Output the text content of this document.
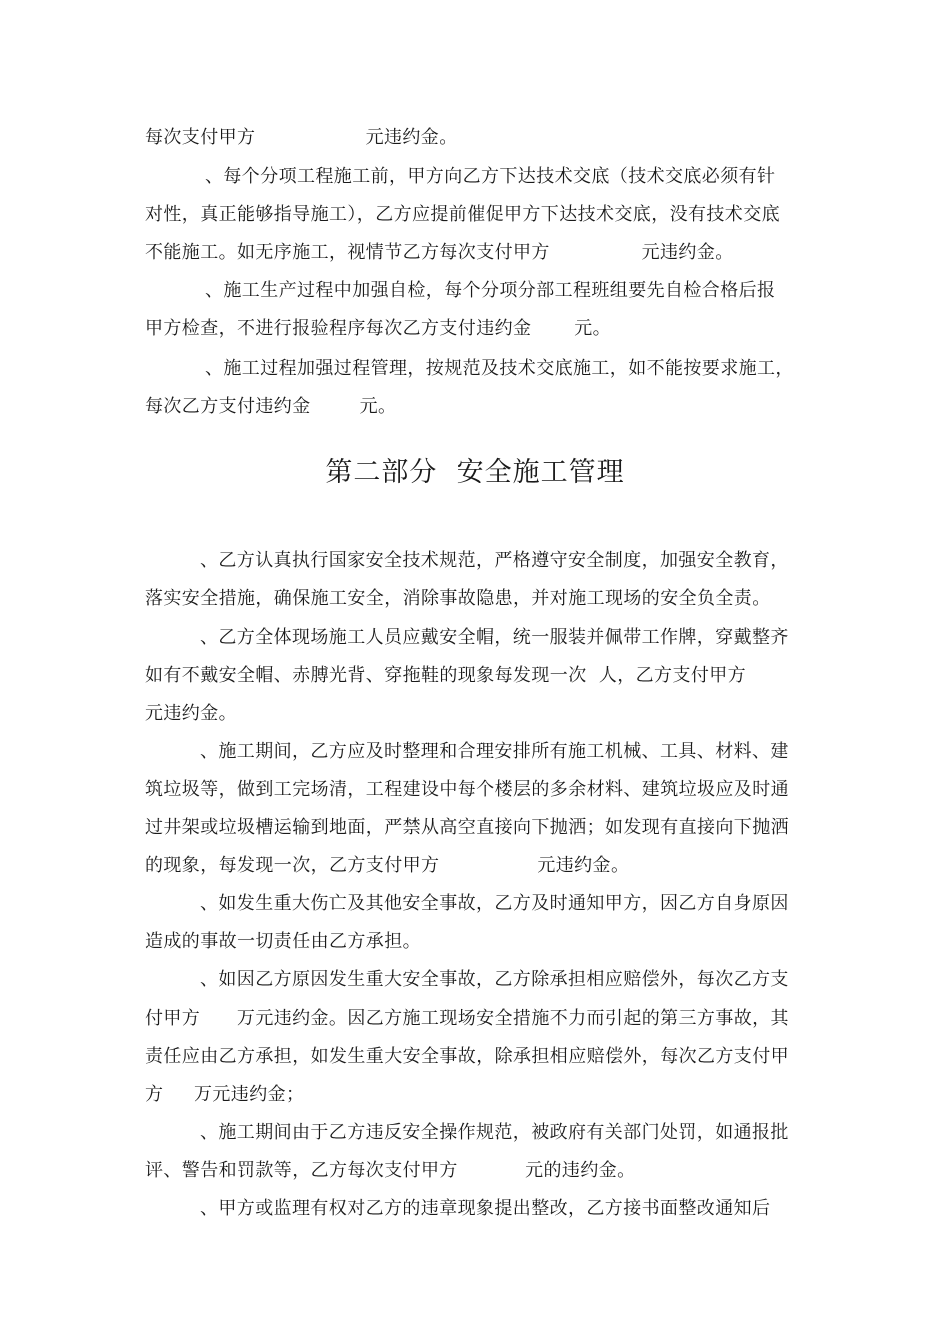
每次支付甲方                  元违约金。
、每个分项工程施工前，甲方向乙方下达技术交底（技术交底必须有针
对性，真正能够指导施工），乙方应提前催促甲方下达技术交底，没有技术交底
不能施工。如无序施工，视情节乙方每次支付甲方               元违约金。
、施工生产过程中加强自检，每个分项分部工程班组要先自检合格后报
甲方检查，不进行报验程序每次乙方支付违约金       元。
、施工过程加强过程管理，按规范及技术交底施工，如不能按要求施工，
每次乙方支付违约金        元。
第二部分  安全施工管理
、乙方认真执行国家安全技术规范，严格遵守安全制度，加强安全教育，
落实安全措施，确保施工安全，消除事故隐患，并对施工现场的安全负全责。
、乙方全体现场施工人员应戴安全帽，统一服装并佩带工作牌，穿戴整齐
如有不戴安全帽、赤膊光背、穿拖鞋的现象每发现一次  人，乙方支付甲方
元违约金。
、施工期间，乙方应及时整理和合理安排所有施工机械、工具、材料、建
筑垃圾等，做到工完场清，工程建设中每个楼层的多余材料、建筑垃圾应及时通
过井架或垃圾槽运输到地面，严禁从高空直接向下抛洒；如发现有直接向下抛洒
的现象，每发现一次，乙方支付甲方                元违约金。
、如发生重大伤亡及其他安全事故，乙方及时通知甲方，因乙方自身原因
造成的事故一切责任由乙方承担。
、如因乙方原因发生重大安全事故，乙方除承担相应赔偿外，每次乙方支
付甲方      万元违约金。因乙方施工现场安全措施不力而引起的第三方事故，其
责任应由乙方承担，如发生重大安全事故，除承担相应赔偿外，每次乙方支付甲
方     万元违约金；
、施工期间由于乙方违反安全操作规范，被政府有关部门处罚，如通报批
评、警告和罚款等，乙方每次支付甲方           元的违约金。
、甲方或监理有权对乙方的违章现象提出整改，乙方接书面整改通知后
